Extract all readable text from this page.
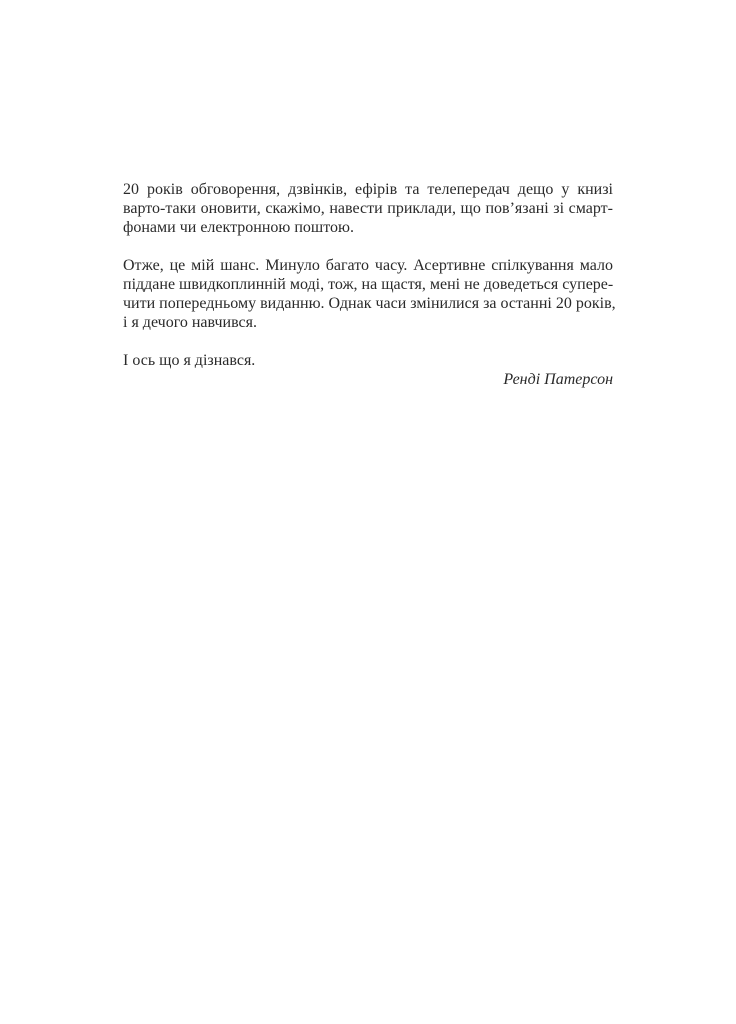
20 років обговорення, дзвінків, ефірів та телепередач дещо у книзі
варто-таки оновити, скажімо, навести приклади, що пов’язані зі смарт-
фонами чи електронною поштою.
Отже, це мій шанс. Минуло багато часу. Асертивне спілкування мало
піддане швидкоплинній моді, тож, на щастя, мені не доведеться супере-
чити попередньому виданню. Однак часи змінилися за останні 20 років,
і я дечого навчився.
І ось що я дізнався.
Ренді Патерсон
